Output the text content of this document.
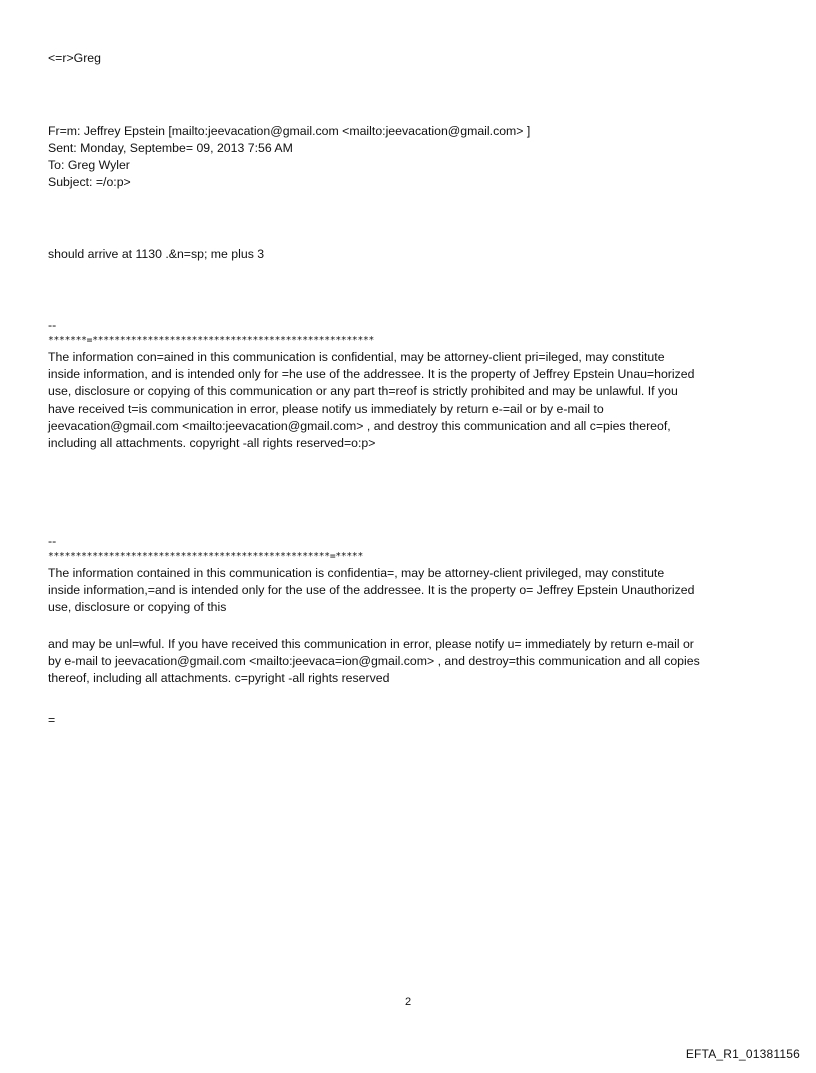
<=r>Greg
Fr=m: Jeffrey Epstein [mailto:jeevacation@gmail.com <mailto:jeevacation@gmail.com> ]
Sent: Monday, Septembe= 09, 2013 7:56 AM
To: Greg Wyler
Subject: =/o:p>
should arrive at 1130 .&n=sp; me plus 3
--
*******=***************************************************
The information con=ained in this communication is confidential, may be attorney-client pri=ileged, may constitute
inside information, and is intended only for =he use of the addressee. It is the property of Jeffrey Epstein Unau=horized
use, disclosure or copying of this communication or any part th=reof is strictly prohibited and may be unlawful. If you
have received t=is communication in error, please notify us immediately by return e-=ail or by e-mail to
jeevacation@gmail.com <mailto:jeevacation@gmail.com> , and destroy this communication and all c=pies thereof,
including all attachments. copyright -all rights reserved=o:p>
--
***************************************************=*****
The information contained in this communication is confidentia=, may be attorney-client privileged, may constitute
inside information,=and is intended only for the use of the addressee. It is the property o= Jeffrey Epstein Unauthorized
use, disclosure or copying of this
and may be unl=wful. If you have received this communication in error, please notify u= immediately by return e-mail or
by e-mail to jeevacation@gmail.com <mailto:jeevaca=ion@gmail.com> , and destroy=this communication and all copies
thereof, including all attachments. c=pyright -all rights reserved
=
2
EFTA_R1_01381156
